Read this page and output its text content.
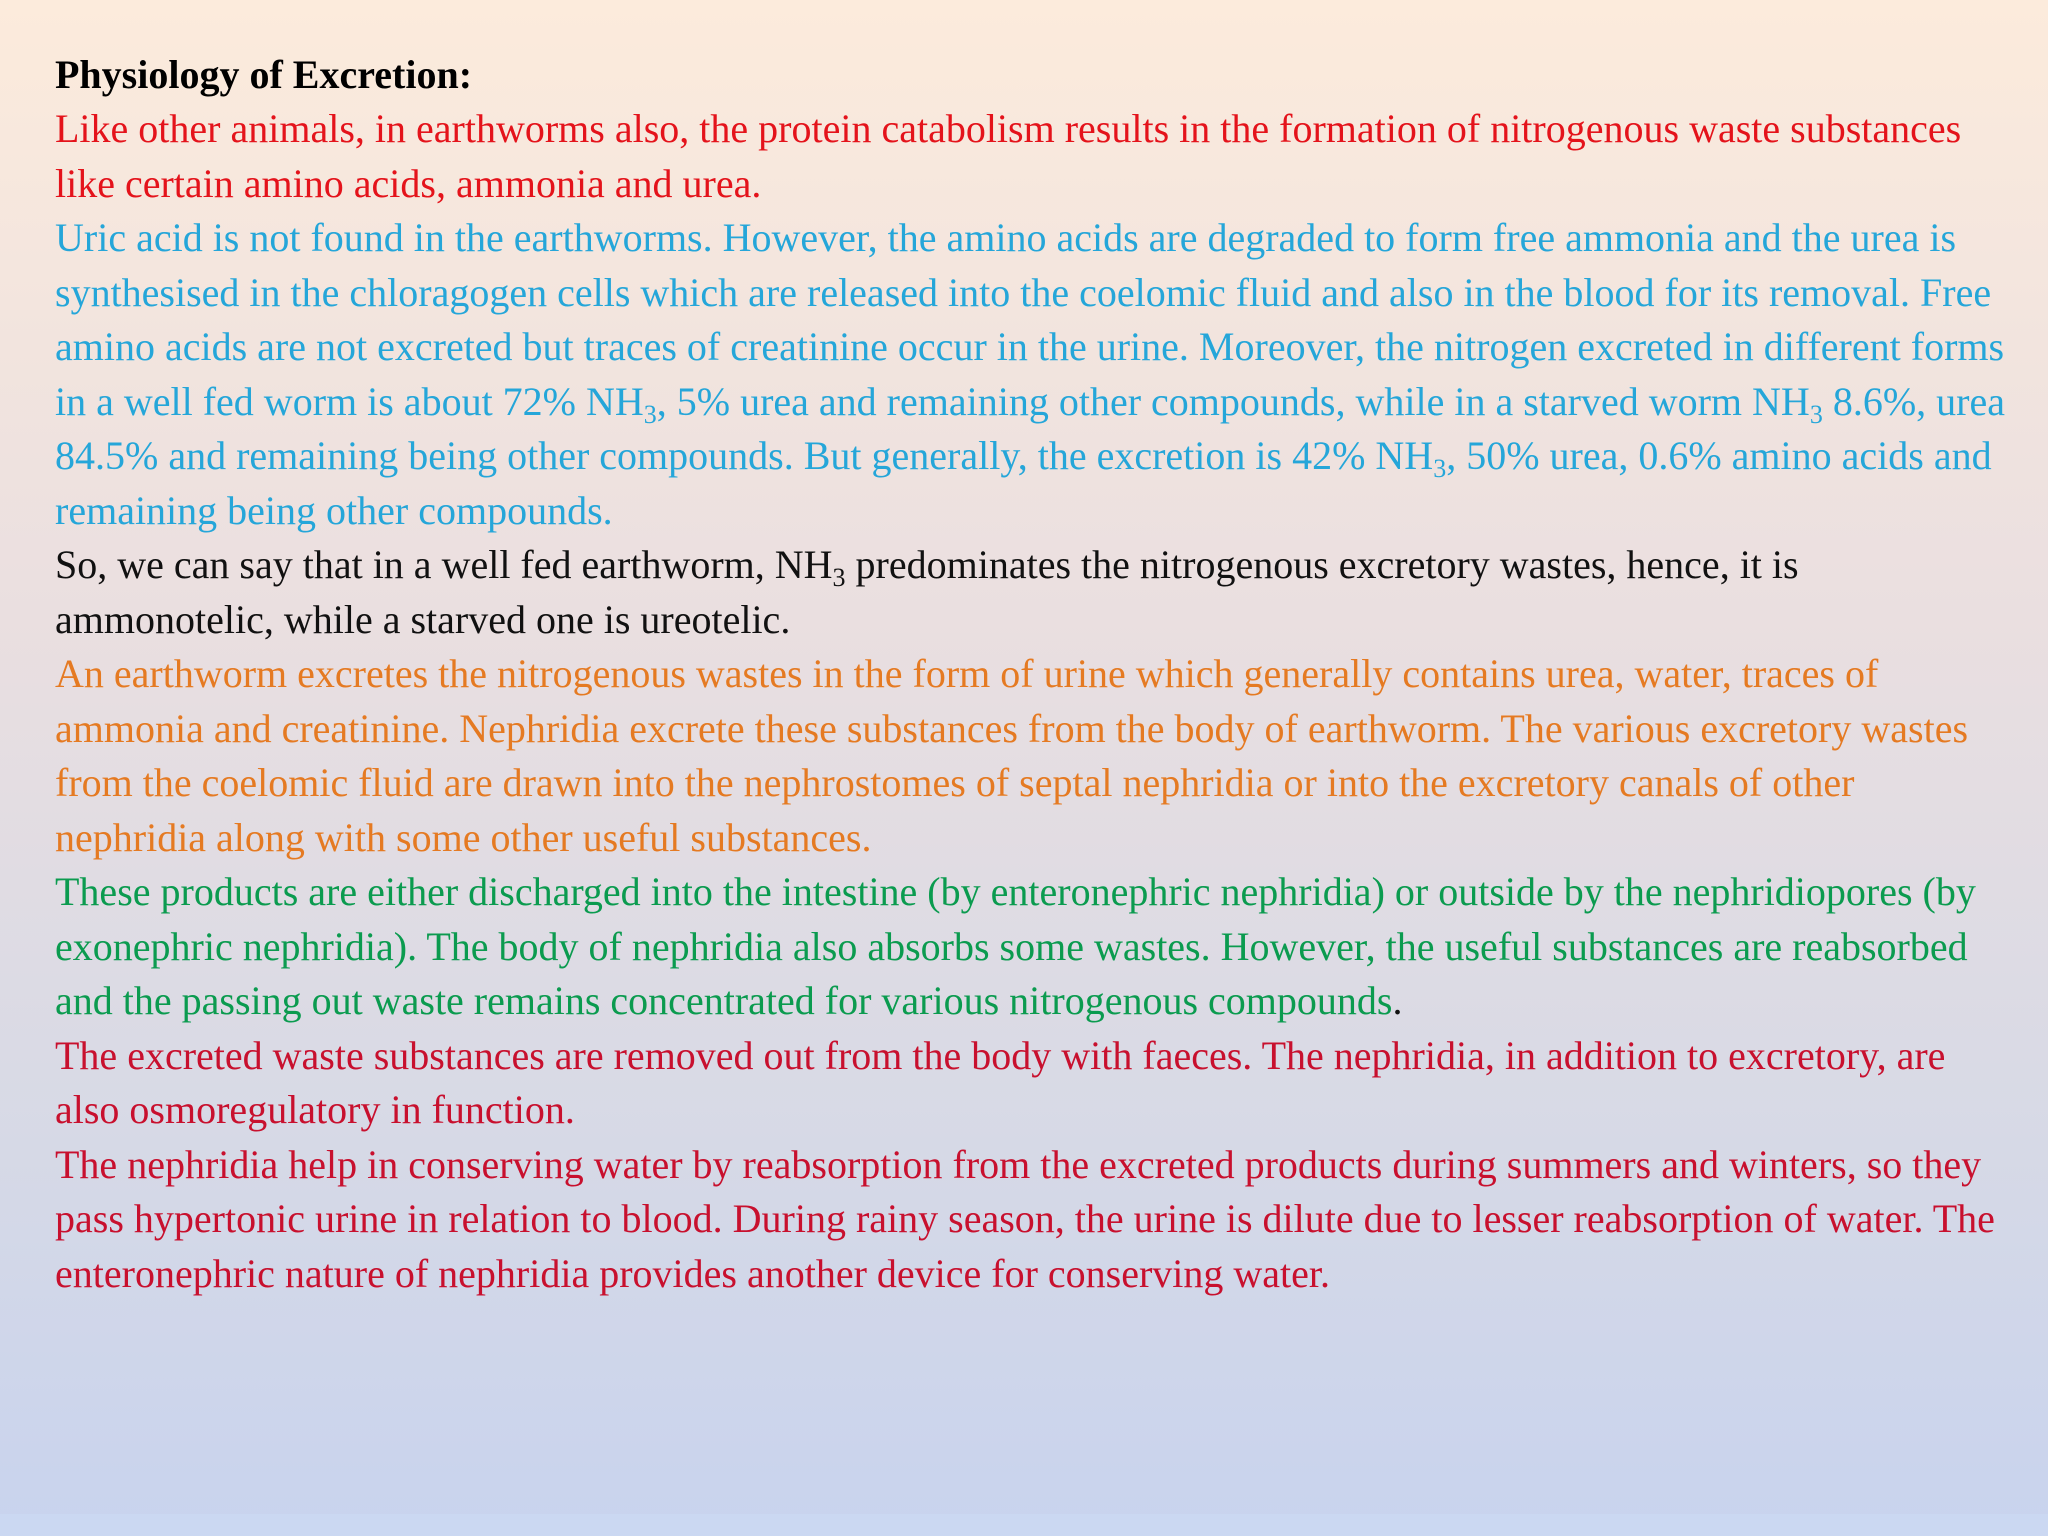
Physiology of Excretion:

Like other animals, in earthworms also, the protein catabolism results in the formation of nitrogenous waste substances like certain amino acids, ammonia and urea.

Uric acid is not found in the earthworms. However, the amino acids are degraded to form free ammonia and the urea is synthesised in the chloragogen cells which are released into the coelomic fluid and also in the blood for its removal. Free amino acids are not excreted but traces of creatinine occur in the urine. Moreover, the nitrogen excreted in different forms in a well fed worm is about 72% $NH_3$, 5% urea and remaining other compounds, while in a starved worm $NH_3$ 8.6%, urea 84.5% and remaining being other compounds. But generally, the excretion is 42% $NH_3$, 50% urea, 0.6% amino acids and remaining being other compounds.

So, we can say that in a well fed earthworm, $NH_3$ predominates the nitrogenous excretory wastes, hence, it is ammonotelic, while a starved one is ureotelic.

An earthworm excretes the nitrogenous wastes in the form of urine which generally contains urea, water, traces of ammonia and creatinine. Nephridia excrete these substances from the body of earthworm. The various excretory wastes from the coelomic fluid are drawn into the nephrostomes of septal nephridia or into the excretory canals of other nephridia along with some other useful substances.

These products are either discharged into the intestine (by enteronephric nephridia) or outside by the nephridiopores (by exonephric nephridia). The body of nephridia also absorbs some wastes. However, the useful substances are reabsorbed and the passing out waste remains concentrated for various nitrogenous compounds.

The excreted waste substances are removed out from the body with faeces. The nephridia, in addition to excretory, are also osmoregulatory in function.

The nephridia help in conserving water by reabsorption from the excreted products during summers and winters, so they pass hypertonic urine in relation to blood. During rainy season, the urine is dilute due to lesser reabsorption of water. The enteronephric nature of nephridia provides another device for conserving water.
